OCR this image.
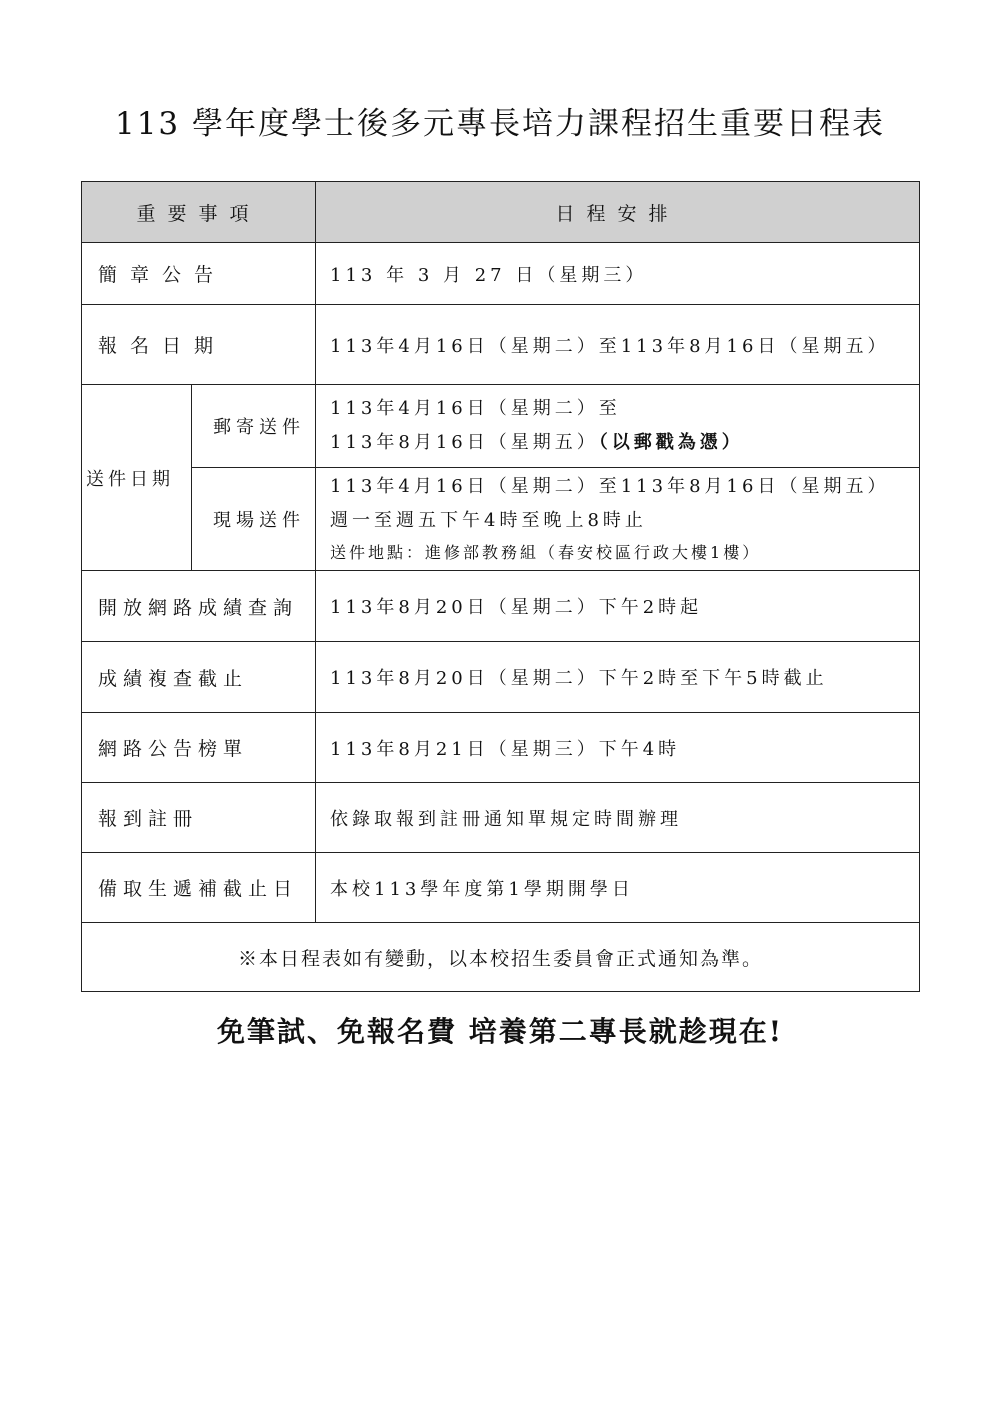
113 學年度學士後多元專長培力課程招生重要日程表
重要事項		日程安排
簡章公告		113 年 3 月 27 日（星期三）
報名日期		113年4月16日（星期二）至113年8月16日（星期五）
送件日期	郵寄送件	113年4月16日（星期二）至
113年8月16日（星期五）（以郵戳為憑）

	現場送件	113年4月16日（星期二）至113年8月16日（星期五）
週一至週五下午4時至晚上8時止
送件地點：進修部教務組（春安校區行政大樓1樓）

開放網路成績查詢		113年8月20日（星期二）下午2時起
成績複查截止		113年8月20日（星期二）下午2時至下午5時截止
網路公告榜單		113年8月21日（星期三）下午4時
報到註冊		依錄取報到註冊通知單規定時間辦理
備取生遞補截止日		本校113學年度第1學期開學日
※本日程表如有變動，以本校招生委員會正式通知為準。		
免筆試、免報名費 培養第二專長就趁現在!
